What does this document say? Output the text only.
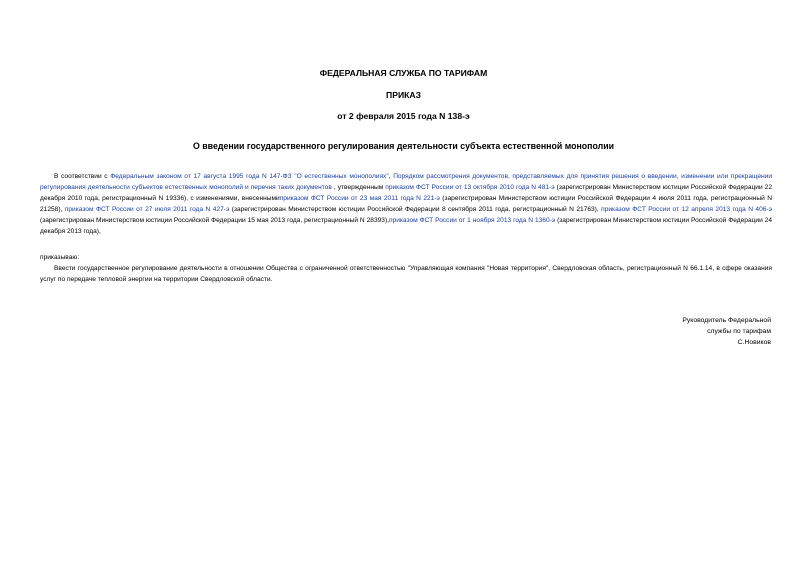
ФЕДЕРАЛЬНАЯ СЛУЖБА ПО ТАРИФАМ
ПРИКАЗ
от 2 февраля 2015 года N 138-э
О введении государственного регулирования деятельности субъекта естественной монополии
В соответствии с Федеральным законом от 17 августа 1995 года N 147-ФЗ "О естественных монополиях", Порядком рассмотрения документов, представляемых для принятия решения о введении, изменении или прекращении регулирования деятельности субъектов естественных монополий и перечня таких документов , утвержденным приказом ФСТ России от 13 октября 2010 года N 481-э (зарегистрирован Министерством юстиции Российской Федерации 22 декабря 2010 года, регистрационный N 19336), с изменениями, внесеннымиприказом ФСТ России от 23 мая 2011 года N 221-э (зарегистрирован Министерством юстиции Российской Федерации 4 июля 2011 года, регистрационный N 21258), приказом ФСТ России от 27 июля 2011 года N 427-э (зарегистрирован Министерством юстиции Российской Федерации 8 сентября 2011 года, регистрационный N 21763), приказом ФСТ России от 12 апреля 2013 года N 406-э (зарегистрирован Министерством юстиции Российской Федерации 15 мая 2013 года, регистрационный N 28393),приказом ФСТ России от 1 ноября 2013 года N 1360-э (зарегистрирован Министерством юстиции Российской Федерации 24 декабря 2013 года),
приказываю:
Ввести государственное регулирование деятельности в отношении Общества с ограниченной ответственностью "Управляющая компания "Новая территория", Свердловская область, регистрационный N 66.1.14, в сфере оказания услуг по передаче тепловой энергии на территории Свердловской области.
Руководитель Федеральной
службы по тарифам
С.Новиков
